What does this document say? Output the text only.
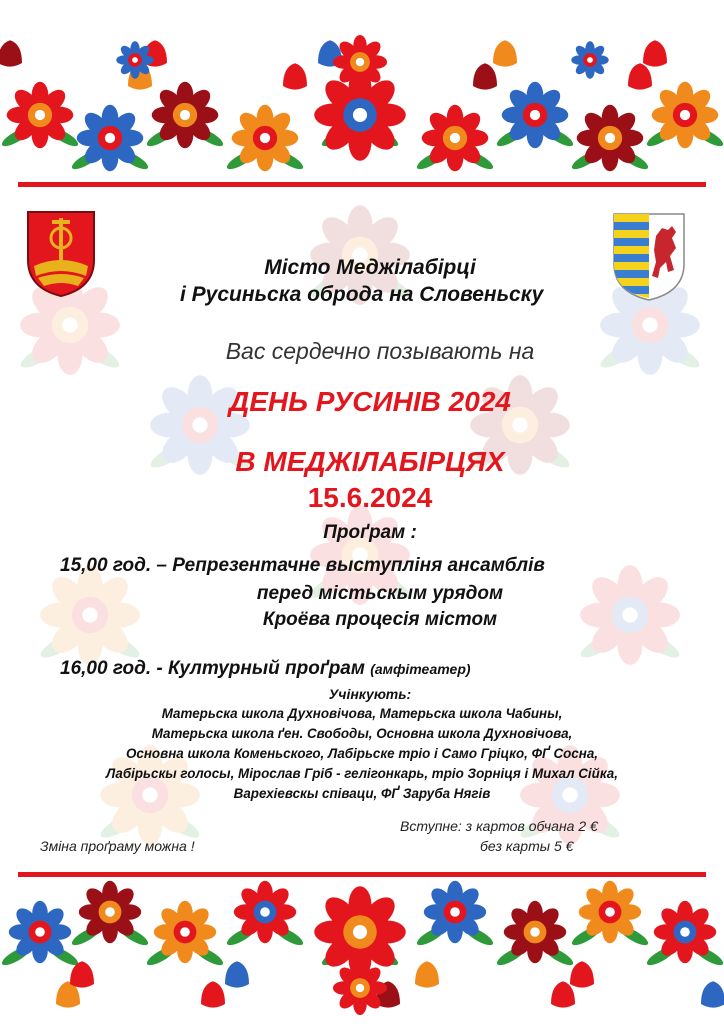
Місто Меджілабірці
і Русиньска оброда на Словеньску
Вас сердечно позывають на
ДЕНЬ РУСИНІВ 2024
В МЕДЖІЛАБІРЦЯХ
15.6.2024
Проґрам :
15,00 год. – Репрезентачне выступліня ансамблів
перед містьскым урядом
Кроёва процесія містом
16,00 год. - Културный проґрам (амфітеатер)
Учінкують:
Матерьска школа Духновічова, Матерьска школа Чабины,
Матерьска школа ґен. Свободы, Основна школа Духновічова,
Основна школа Коменьского, Лабірьске тріо і Само Гріцко, ФҐ Сосна,
Лабірьскы голосы, Мірослав Гріб - гелігонкарь, тріо Зорніця і Михал Сійка,
Варехіевскы співаци, ФҐ Заруба Нягів
Вступне: з картов обчана 2 €
Зміна проґраму можна !	без карты 5 €
